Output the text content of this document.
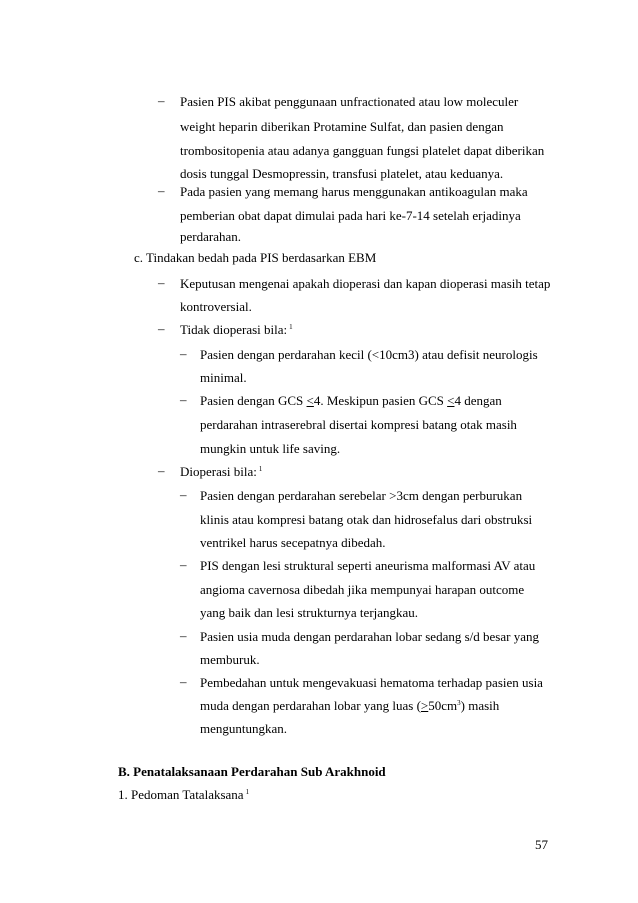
– Pasien PIS akibat penggunaan unfractionated atau low moleculer
weight heparin diberikan Protamine Sulfat, dan pasien dengan
trombositopenia atau adanya gangguan fungsi platelet dapat diberikan
dosis tunggal Desmopressin, transfusi platelet, atau keduanya.
– Pada pasien yang memang harus menggunakan antikoagulan maka
pemberian obat dapat dimulai pada hari ke-7-14 setelah erjadinya
perdarahan.
c. Tindakan bedah pada PIS berdasarkan EBM
– Keputusan mengenai apakah dioperasi dan kapan dioperasi masih tetap
kontroversial.
– Tidak dioperasi bila: $^1$
– Pasien dengan perdarahan kecil (<10cm3) atau defisit neurologis
minimal.
– Pasien dengan GCS <4. Meskipun pasien GCS <4 dengan
perdarahan intraserebral disertai kompresi batang otak masih
mungkin untuk life saving.
– Dioperasi bila: $^1$
– Pasien dengan perdarahan serebelar >3cm dengan perburukan
klinis atau kompresi batang otak dan hidrosefalus dari obstruksi
ventrikel harus secepatnya dibedah.
– PIS dengan lesi struktural seperti aneurisma malformasi AV atau
angioma cavernosa dibedah jika mempunyai harapan outcome
yang baik dan lesi strukturnya terjangkau.
– Pasien usia muda dengan perdarahan lobar sedang s/d besar yang
memburuk.
– Pembedahan untuk mengevakuasi hematoma terhadap pasien usia
muda dengan perdarahan lobar yang luas $(>50cm^3)$ masih
menguntungkan.
B. Penatalaksanaan Perdarahan Sub Arakhnoid
1. Pedoman Tatalaksana $^1$
57
